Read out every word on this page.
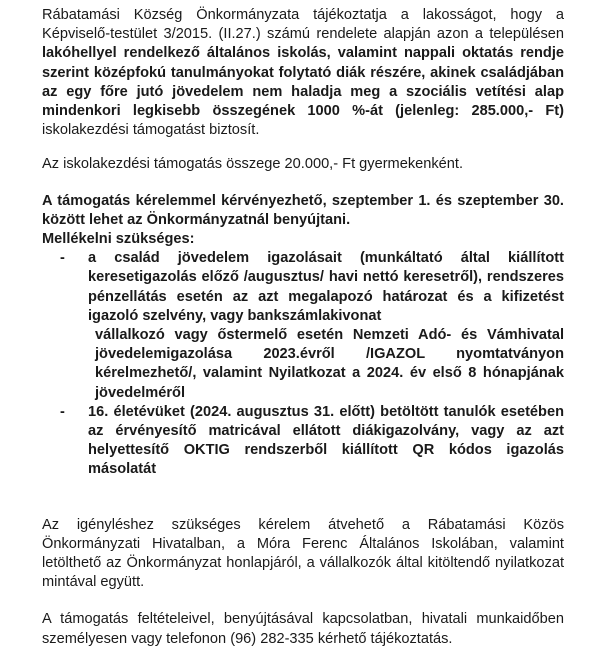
Rábatamási Község Önkormányzata tájékoztatja a lakosságot, hogy a Képviselő-testület 3/2015. (II.27.) számú rendelete alapján azon a településen lakóhellyel rendelkező általános iskolás, valamint nappali oktatás rendje szerint középfokú tanulmányokat folytató diák részére, akinek családjában az egy főre jutó jövedelem nem haladja meg a szociális vetítési alap mindenkori legkisebb összegének 1000 %-át (jelenleg: 285.000,- Ft) iskolakezdési támogatást biztosít.

Az iskolakezdési támogatás összege 20.000,- Ft gyermekenként.

A támogatás kérelemmel kérvényezhető, szeptember 1. és szeptember 30. között lehet az Önkormányzatnál benyújtani.

Mellékelni szükséges:

- a család jövedelem igazolásait (munkáltató által kiállított keresetigazolás előző /augusztus/ havi nettó keresetről), rendszeres pénzellátás esetén az azt megalapozó határozat és a kifizetést igazoló szelvény, vagy bankszámlakivonat
vállalkozó vagy őstermelő esetén Nemzeti Adó- és Vámhivatal jövedelemigazolása 2023.évről /IGAZOL nyomtatványon kérelmezhető/, valamint Nyilatkozat a 2024. év első 8 hónapjának jövedelméről
- 16. életévüket (2024. augusztus 31. előtt) betöltött tanulók esetében az érvényesítő matricával ellátott diákigazolvány, vagy az azt helyettesítő OKTIG rendszerből kiállított QR kódos igazolás másolatát

Az igényléshez szükséges kérelem átvehető a Rábatamási Közös Önkormányzati Hivatalban, a Móra Ferenc Általános Iskolában, valamint letölthető az Önkormányzat honlapjáról, a vállalkozók által kitöltendő nyilatkozat mintával együtt.

A támogatás feltételeivel, benyújtásával kapcsolatban, hivatali munkaidőben személyesen vagy telefonon (96) 282-335 kérhető tájékoztatás.
